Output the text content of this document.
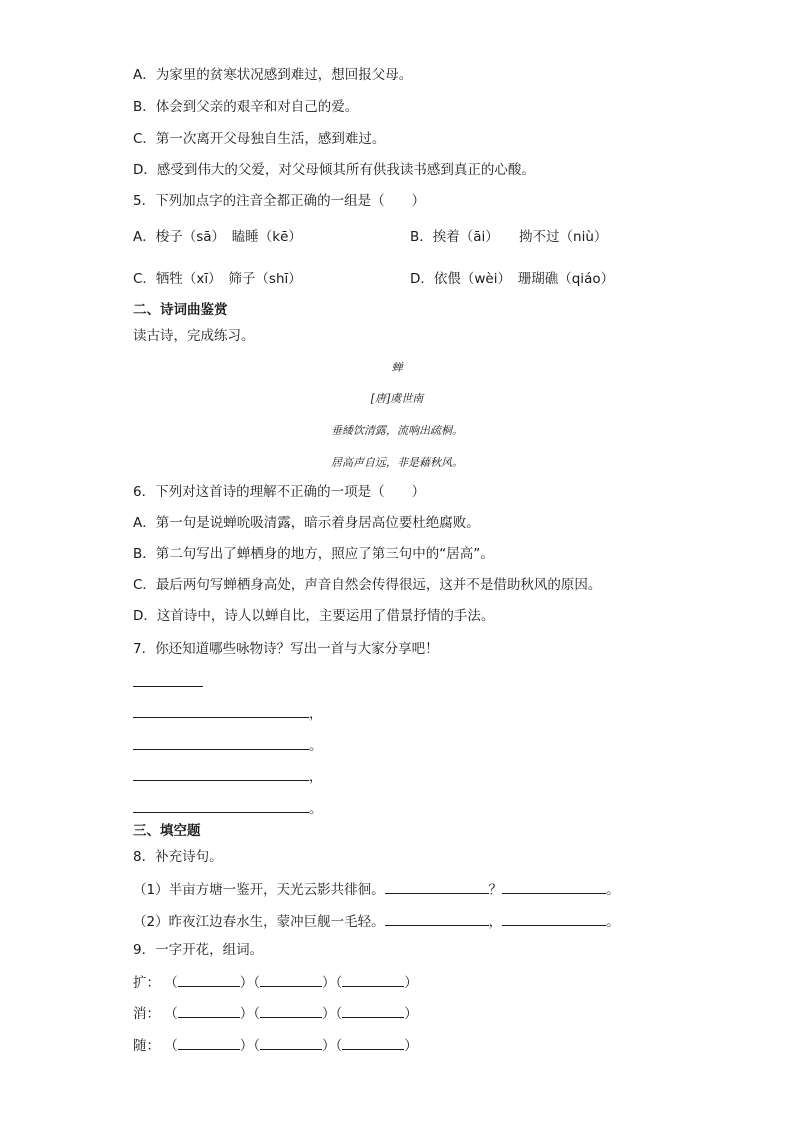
A．为家里的贫寒状况感到难过，想回报父母。
B．体会到父亲的艰辛和对自己的爱。
C．第一次离开父母独自生活，感到难过。
D．感受到伟大的父爱，对父母倾其所有供我读书感到真正的心酸。
5．下列加点字的注音全都正确的一组是（　　）
A．梭子（sā）　瞌睡（kē）	B．挨着（āi）　　拗不过（niù）
C．牺牲（xī）　筛子（shī）	D．依偎（wèi）　珊瑚礁（qiáo）
二、诗词曲鉴赏
读古诗，完成练习。
蝉
[唐]虞世南
垂緌饮清露，流响出疏桐。
居高声自远，非是藉秋风。
6．下列对这首诗的理解不正确的一项是（　　）
A．第一句是说蝉吮吸清露，暗示着身居高位要杜绝腐败。
B．第二句写出了蝉栖身的地方，照应了第三句中的“居高”。
C．最后两句写蝉栖身高处，声音自然会传得很远，这并不是借助秋风的原因。
D．这首诗中，诗人以蝉自比，主要运用了借景抒情的手法。
7．你还知道哪些咏物诗？写出一首与大家分享吧！
，
。
，
。
三、填空题
8．补充诗句。
（1）半亩方塘一鉴开，天光云影共徘徊。	？	。
（2）昨夜江边春水生，蒙冲巨舰一毛轻。	，	。
9．一字开花，组词。
扩： （	）（	）（	）
消： （	）（	）（	）
随： （	）（	）（	）
